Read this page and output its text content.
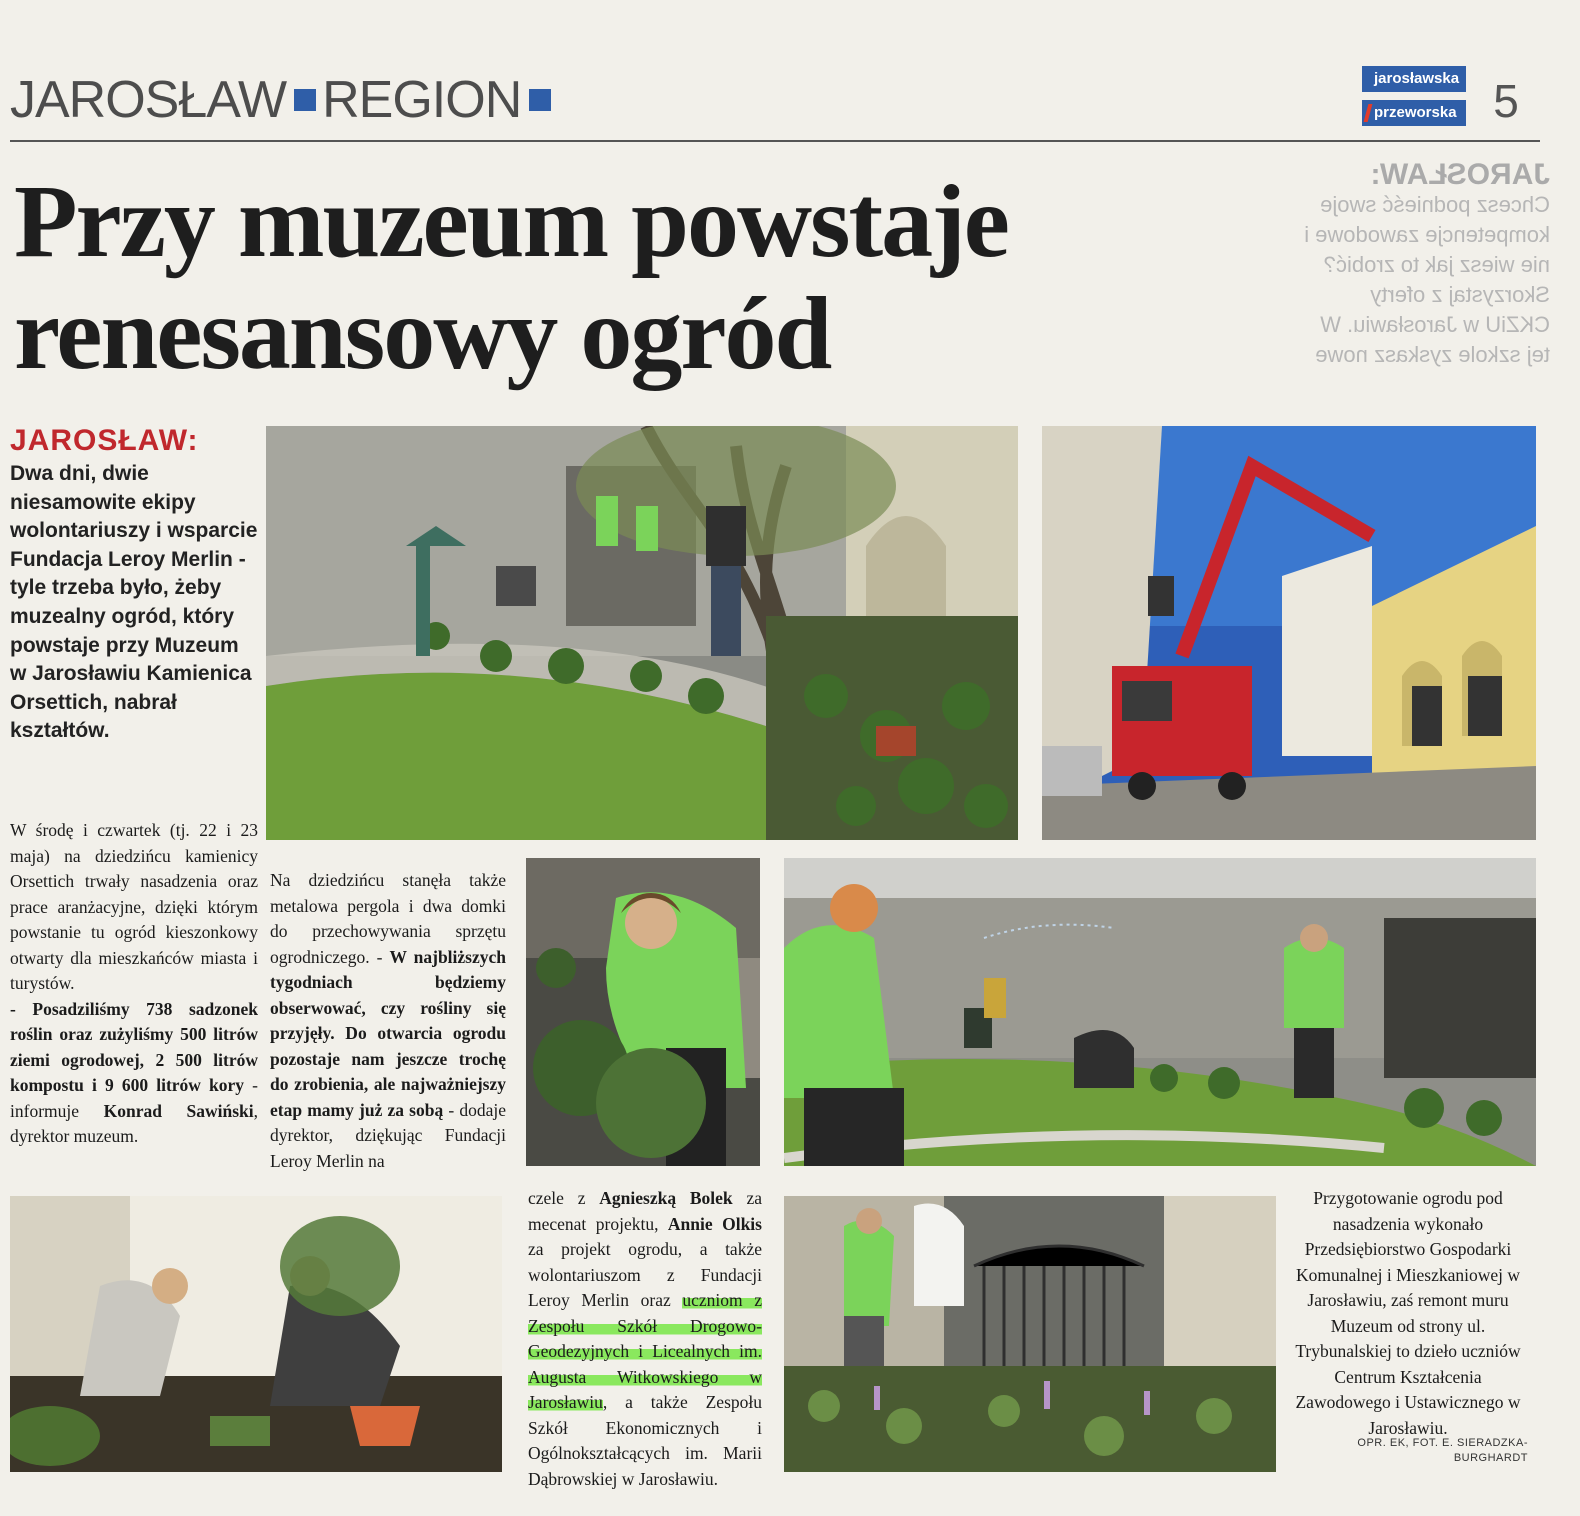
JAROSŁAW REGION	jarosławska
przeworska 5
JAROSŁAW:
Chcesz podnieść swoje kompetencje zawodowe i nie wiesz jak to zrobić? Skorzystaj z oferty CKZiU w Jarosławiu. W tej szkole zyskasz nowe
Przy muzeum powstaje
renesansowy ogród
JAROSŁAW:
Dwa dni, dwie niesamowite ekipy wolontariuszy i wsparcie Fundacja Leroy Merlin - tyle trzeba było, żeby muzealny ogród, który powstaje przy Muzeum w Jarosławiu Kamienica Orsettich, nabrał kształtów.
W środę i czwartek (tj. 22 i 23 maja) na dziedzińcu kamienicy Orsettich trwały nasadzenia oraz prace aranżacyjne, dzięki którym powstanie tu ogród kieszonkowy otwarty dla mieszkańców miasta i turystów.
- Posadziliśmy 738 sadzonek roślin oraz zużyliśmy 500 litrów ziemi ogrodowej, 2 500 litrów kompostu i 9 600 litrów kory - informuje Konrad Sawiński, dyrektor muzeum.
Na dziedzińcu stanęła także metalowa pergola i dwa domki do przechowywania sprzętu ogrodniczego. - W najbliższych tygodniach będziemy obserwować, czy rośliny się przyjęły. Do otwarcia ogrodu pozostaje nam jeszcze trochę do zrobienia, ale najważniejszy etap mamy już za sobą - dodaje dyrektor, dziękując Fundacji Leroy Merlin na
czele z Agnieszką Bolek za mecenat projektu, Annie Olkis za projekt ogrodu, a także wolontariuszom z Fundacji Leroy Merlin oraz uczniom z Zespołu Szkół Drogowo-Geodezyjnych i Licealnych im. Augusta Witkowskiego w Jarosławiu, a także Zespołu Szkół Ekonomicznych i Ogólnokształcących im. Marii Dąbrowskiej w Jarosławiu.
Przygotowanie ogrodu pod nasadzenia wykonało Przedsiębiorstwo Gospodarki Komunalnej i Mieszkaniowej w Jarosławiu, zaś remont muru Muzeum od strony ul. Trybunalskiej to dzieło uczniów Centrum Kształcenia Zawodowego i Ustawicznego w Jarosławiu.
OPR. EK, FOT. E. SIERADZKA-
BURGHARDT
